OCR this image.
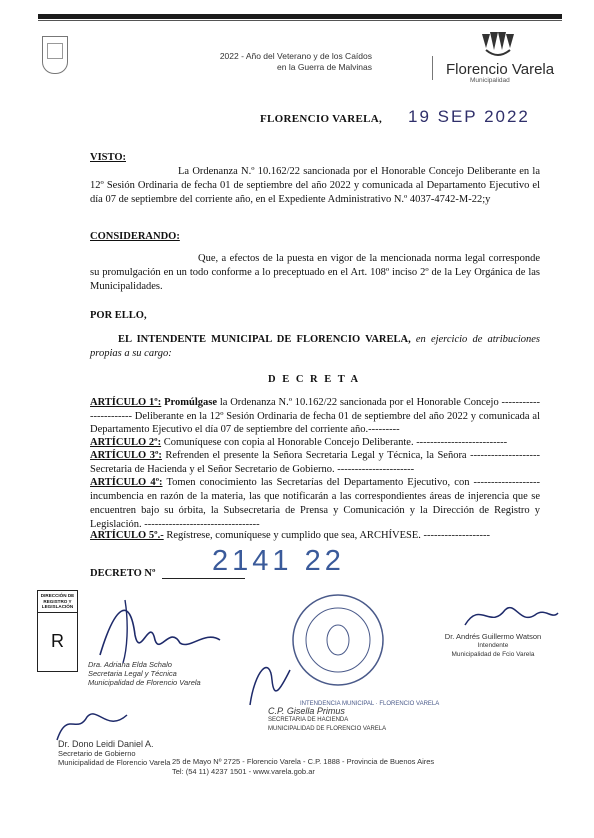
2022 - Año del Veterano y de los Caídos
en la Guerra de Malvinas	Florencio Varela
Municipalidad
FLORENCIO VARELA, 19 SEP 2022
VISTO:
La Ordenanza N.º 10.162/22 sancionada por el Honorable Concejo Deliberante en la 12º Sesión Ordinaria de fecha 01 de septiembre del año 2022 y comunicada al Departamento Ejecutivo el día 07 de septiembre del corriente año, en el Expediente Administrativo N.º 4037-4742-M-22;y
CONSIDERANDO:
Que, a efectos de la puesta en vigor de la mencionada norma legal corresponde su promulgación en un todo conforme a lo preceptuado en el Art. 108º inciso 2º de la Ley Orgánica de las Municipalidades.
POR ELLO,
EL INTENDENTE MUNICIPAL DE FLORENCIO VARELA, en ejercicio de atribuciones propias a su cargo:
D E C R E T A
ARTÍCULO 1º: Promúlgase la Ordenanza N.º 10.162/22 sancionada por el Honorable Concejo ----------------------- Deliberante en la 12º Sesión Ordinaria de fecha 01 de septiembre del año 2022 y comunicada al Departamento Ejecutivo el día 07 de septiembre del corriente año.---------
ARTÍCULO 2º: Comuníquese con copia al Honorable Concejo Deliberante. --------------------------
ARTÍCULO 3º: Refrenden el presente la Señora Secretaria Legal y Técnica, la Señora -------------------- Secretaria de Hacienda y el Señor Secretario de Gobierno. ----------------------
ARTÍCULO 4º: Tomen conocimiento las Secretarías del Departamento Ejecutivo, con ------------------- incumbencia en razón de la materia, las que notificarán a las correspondientes áreas de injerencia que se encuentren bajo su órbita, la Subsecretaria de Prensa y Comunicación y la Dirección de Registro y Legislación. ---------------------------------
ARTÍCULO 5º.- Regístrese, comuníquese y cumplido que sea, ARCHÍVESE. -------------------
DECRETO Nº 2141 22
DIRECCIÓN DE REGISTRO Y LEGISLACIÓN
R
INTENDENCIA MUNICIPAL · FLORENCIO VARELA
Dra. Adriana Elda Schalo
Secretaria Legal y Técnica
Municipalidad de Florencio Varela
C.P. Gisella Primus
SECRETARIA DE HACIENDA
MUNICIPALIDAD DE FLORENCIO VARELA
Dr. Andrés Guillermo Watson
Intendente
Municipalidad de Fcio Varela
Dr. Dono Leidi Daniel A.
Secretario de Gobierno
Municipalidad de Florencio Varela 25 de Mayo Nº 2725 - Florencio Varela - C.P. 1888 - Provincia de Buenos Aires
Tel: (54 11) 4237 1501 - www.varela.gob.ar
